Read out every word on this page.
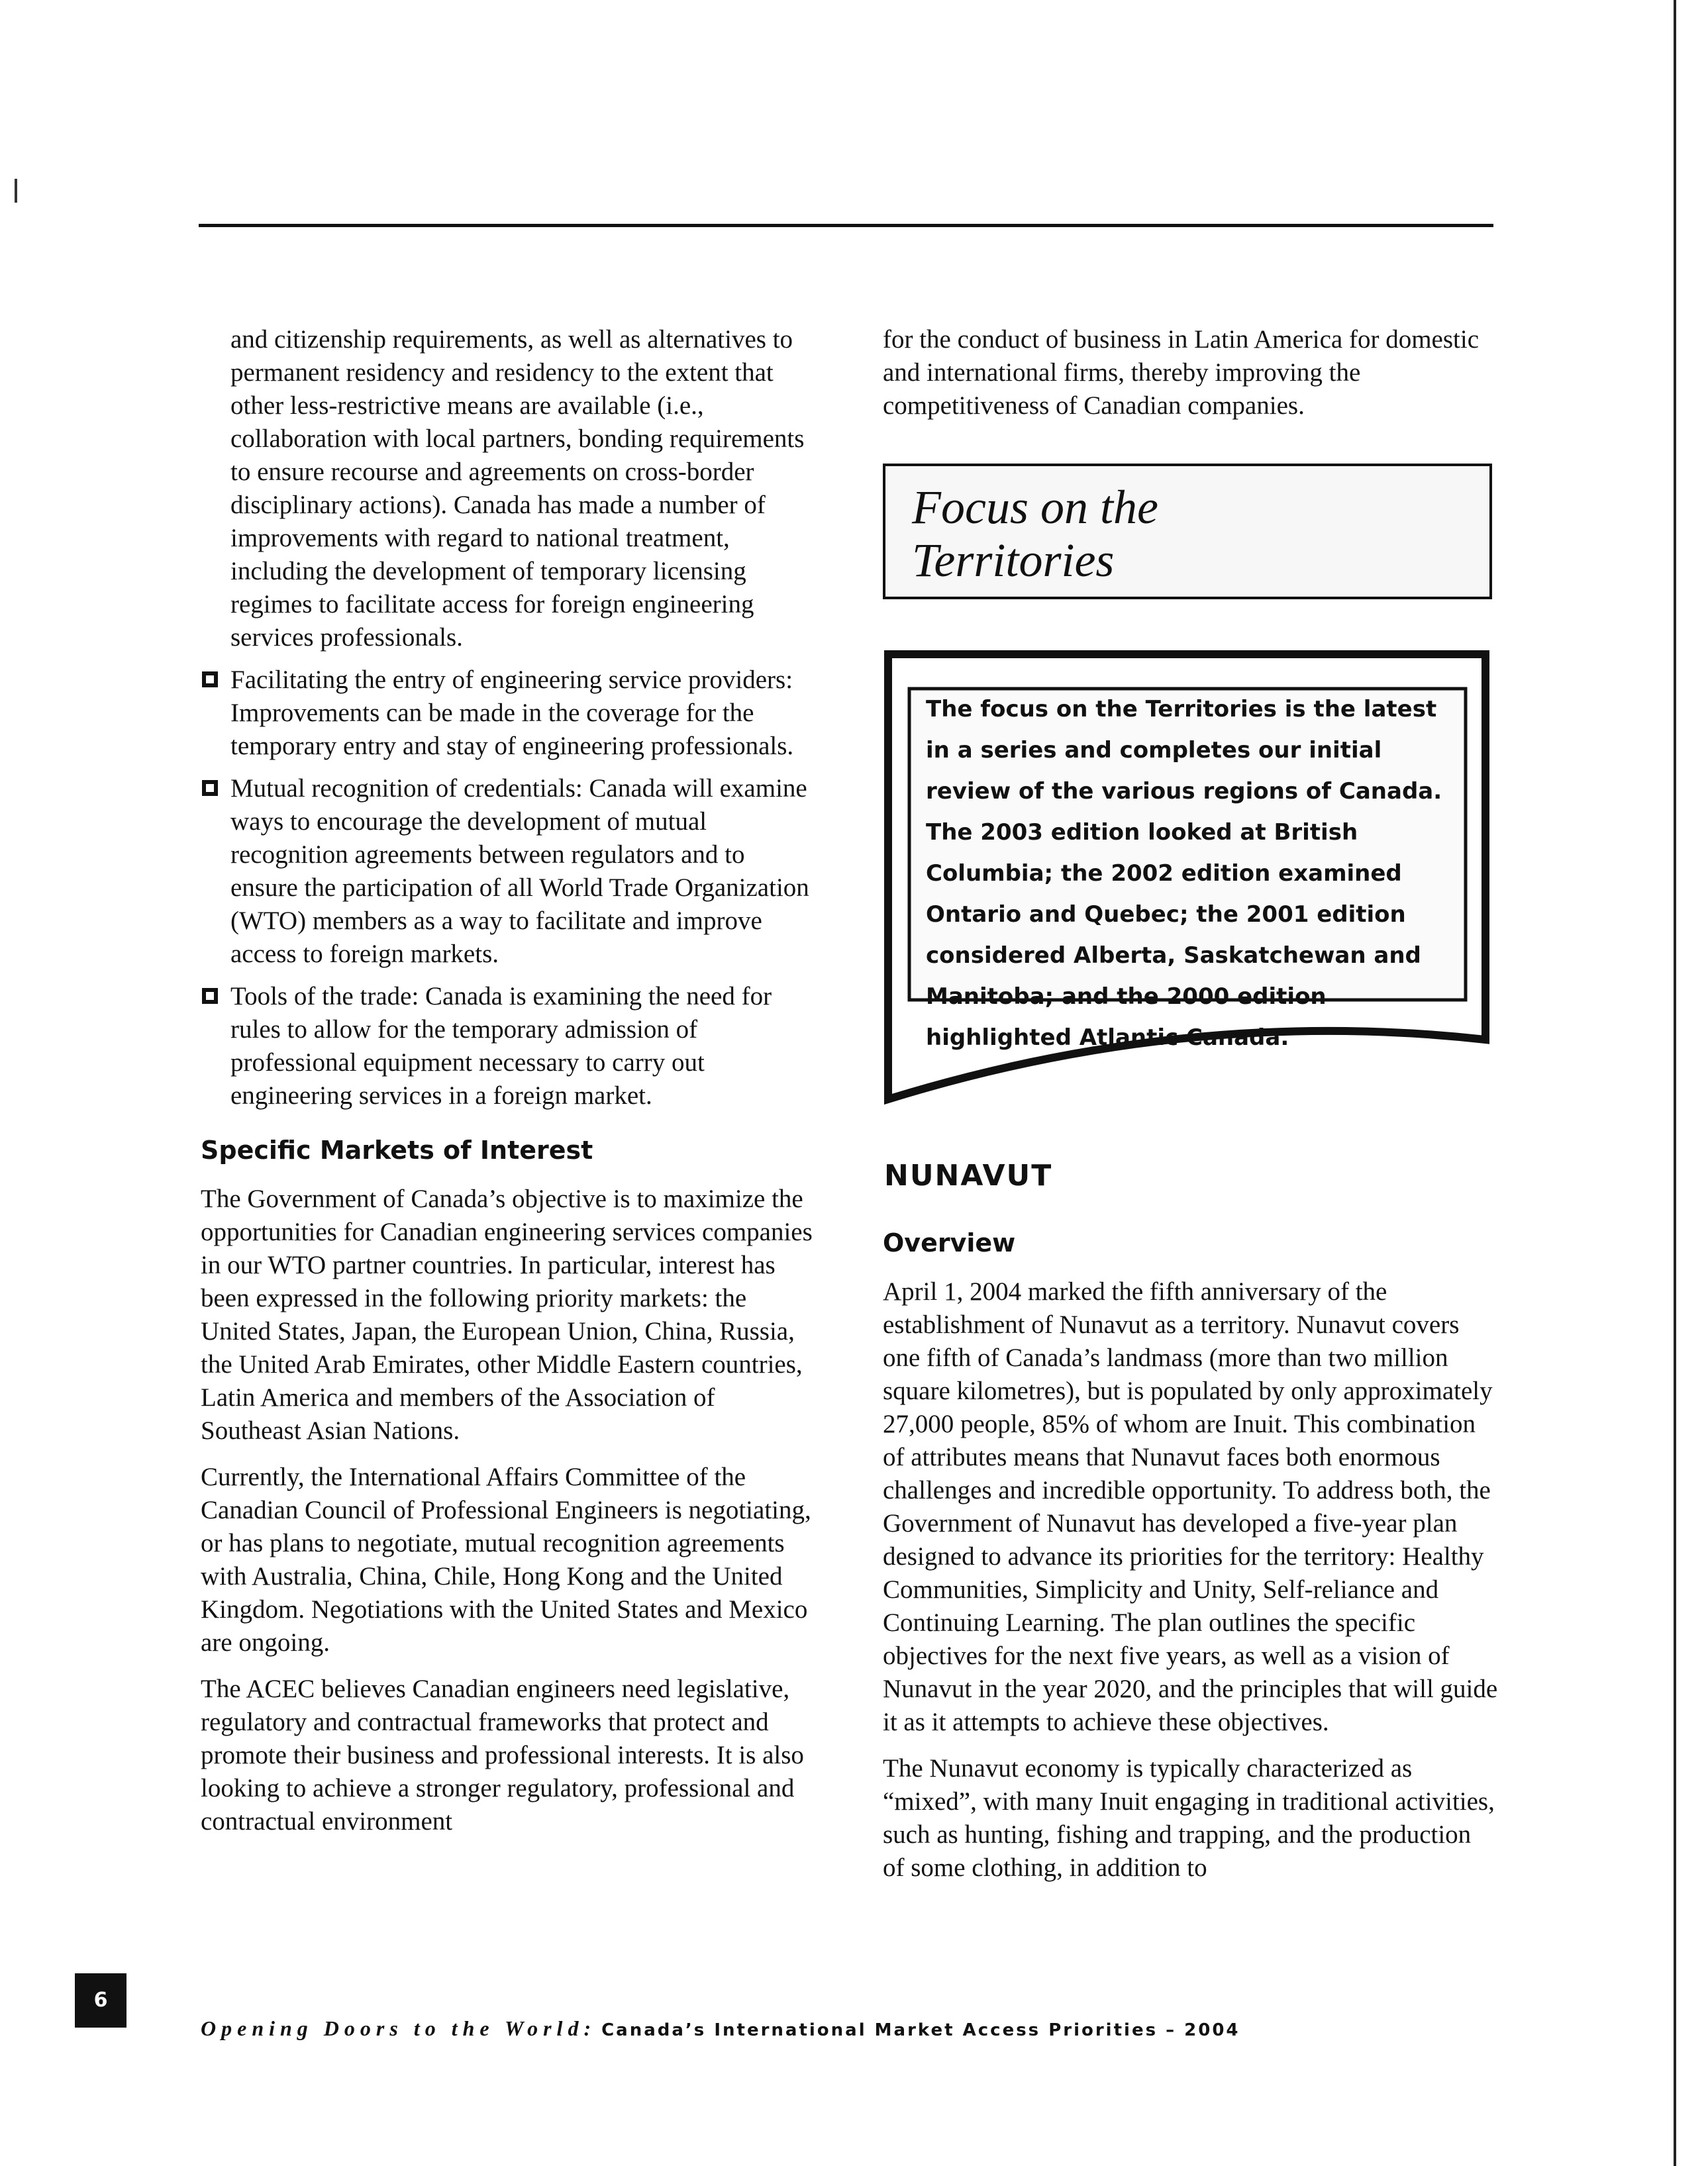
and citizenship requirements, as well as alternatives to permanent residency and residency to the extent that other less-restrictive means are available (i.e., collaboration with local partners, bonding requirements to ensure recourse and agreements on cross-border disciplinary actions). Canada has made a number of improvements with regard to national treatment, including the development of temporary licensing regimes to facilitate access for foreign engineering services professionals.

Facilitating the entry of engineering service providers: Improvements can be made in the coverage for the temporary entry and stay of engineering professionals.
Mutual recognition of credentials: Canada will examine ways to encourage the development of mutual recognition agreements between regulators and to ensure the participation of all World Trade Organization (WTO) members as a way to facilitate and improve access to foreign markets.
Tools of the trade: Canada is examining the need for rules to allow for the temporary admission of professional equipment necessary to carry out engineering services in a foreign market.
Specific Markets of Interest

The Government of Canada’s objective is to maximize the opportunities for Canadian engineering services companies in our WTO partner countries. In particular, interest has been expressed in the following priority markets: the United States, Japan, the European Union, China, Russia, the United Arab Emirates, other Middle Eastern countries, Latin America and members of the Association of Southeast Asian Nations.

Currently, the International Affairs Committee of the Canadian Council of Professional Engineers is negotiating, or has plans to negotiate, mutual recognition agreements with Australia, China, Chile, Hong Kong and the United Kingdom. Negotiations with the United States and Mexico are ongoing.

The ACEC believes Canadian engineers need legislative, regulatory and contractual frameworks that protect and promote their business and professional interests. It is also looking to achieve a stronger regulatory, professional and contractual environment

for the conduct of business in Latin America for domestic and international firms, thereby improving the competitiveness of Canadian companies.

Focus on the
Territories
The focus on the Territories is the latest in a series and completes our initial review of the various regions of Canada. The 2003 edition looked at British Columbia; the 2002 edition examined Ontario and Quebec; the 2001 edition considered Alberta, Saskatchewan and Manitoba; and the 2000 edition highlighted Atlantic Canada.
NUNAVUT
Overview

April 1, 2004 marked the fifth anniversary of the establishment of Nunavut as a territory. Nunavut covers one fifth of Canada’s landmass (more than two million square kilometres), but is populated by only approximately 27,000 people, 85% of whom are Inuit. This combination of attributes means that Nunavut faces both enormous challenges and incredible opportunity. To address both, the Government of Nunavut has developed a five-year plan designed to advance its priorities for the territory: Healthy Communities, Simplicity and Unity, Self-reliance and Continuing Learning. The plan outlines the specific objectives for the next five years, as well as a vision of Nunavut in the year 2020, and the principles that will guide it as it attempts to achieve these objectives.

The Nunavut economy is typically characterized as “mixed”, with many Inuit engaging in traditional activities, such as hunting, fishing and trapping, and the production of some clothing, in addition to

6
Opening Doors to the World: Canada’s International Market Access Priorities – 2004
